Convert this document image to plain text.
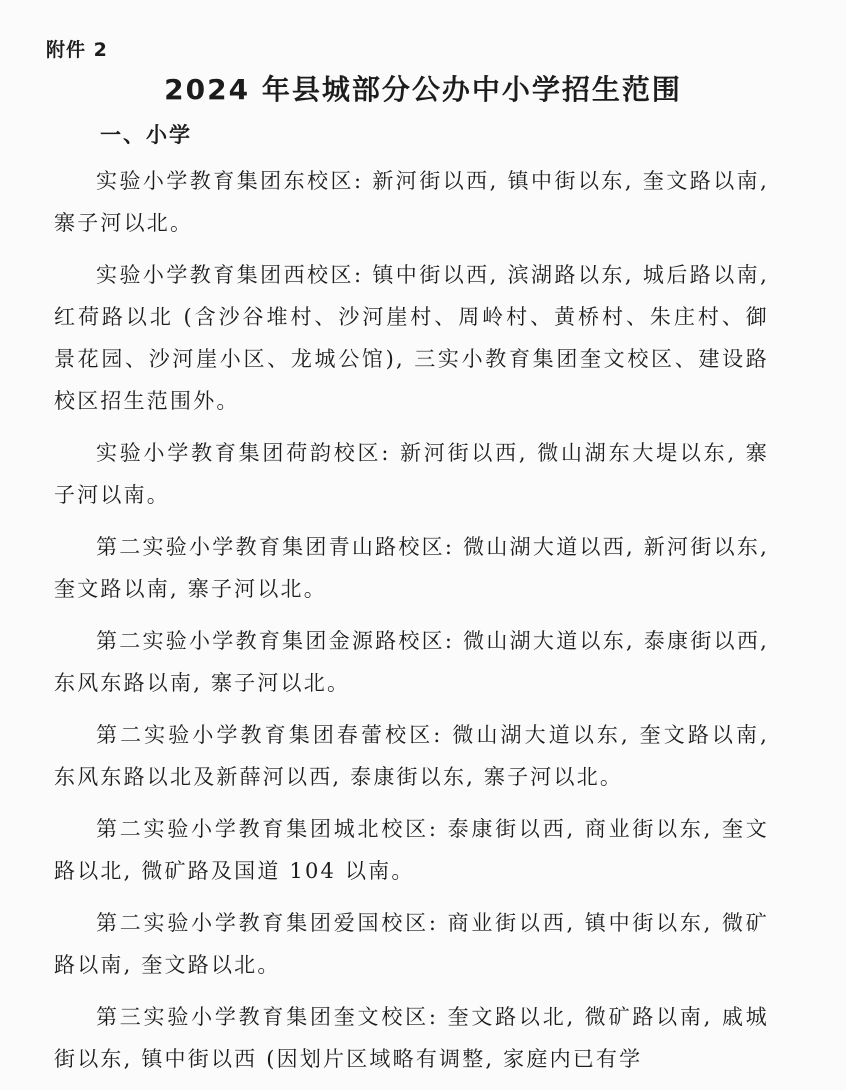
附件 2

2024 年县城部分公办中小学招生范围
一、小学

实验小学教育集团东校区: 新河街以西, 镇中街以东, 奎文路以南, 寨子河以北。

实验小学教育集团西校区: 镇中街以西, 滨湖路以东, 城后路以南, 红荷路以北 (含沙谷堆村、沙河崖村、周岭村、黄桥村、朱庄村、御景花园、沙河崖小区、龙城公馆), 三实小教育集团奎文校区、建设路校区招生范围外。

实验小学教育集团荷韵校区: 新河街以西, 微山湖东大堤以东, 寨子河以南。

第二实验小学教育集团青山路校区: 微山湖大道以西, 新河街以东, 奎文路以南, 寨子河以北。

第二实验小学教育集团金源路校区: 微山湖大道以东, 泰康街以西, 东风东路以南, 寨子河以北。

第二实验小学教育集团春蕾校区: 微山湖大道以东, 奎文路以南, 东风东路以北及新薛河以西, 泰康街以东, 寨子河以北。

第二实验小学教育集团城北校区: 泰康街以西, 商业街以东, 奎文路以北, 微矿路及国道 104 以南。

第二实验小学教育集团爱国校区: 商业街以西, 镇中街以东, 微矿路以南, 奎文路以北。

第三实验小学教育集团奎文校区: 奎文路以北, 微矿路以南, 戚城街以东, 镇中街以西 (因划片区域略有调整, 家庭内已有学
